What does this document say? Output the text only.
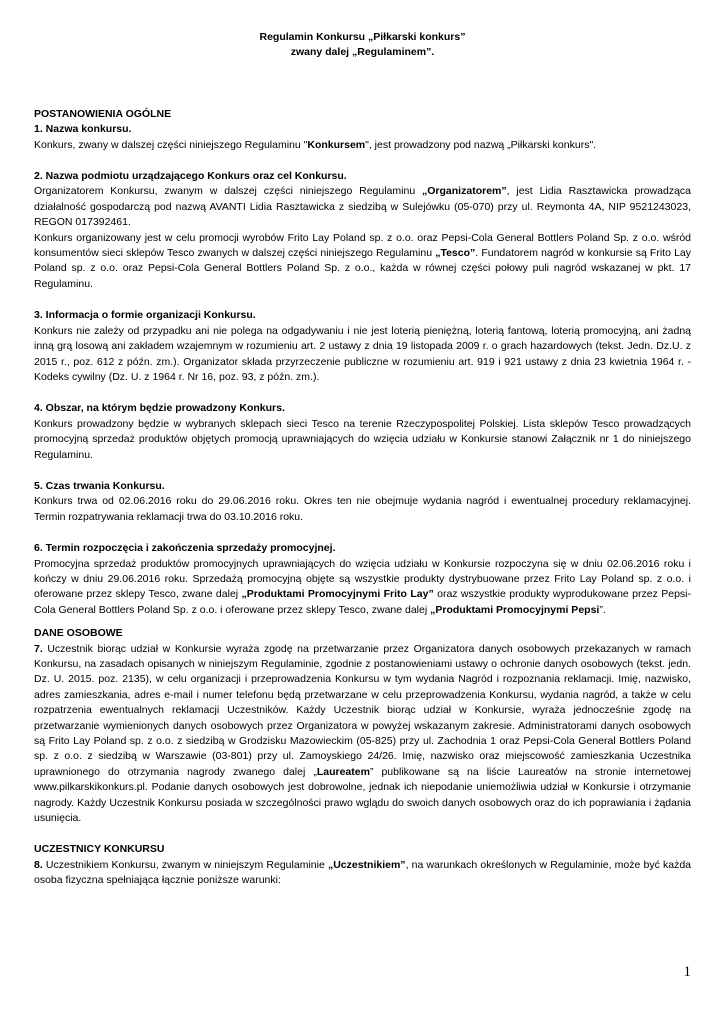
Regulamin Konkursu „Piłkarski konkurs”

zwany dalej „Regulaminem”.

POSTANOWIENIA OGÓLNE
1. Nazwa konkursu.

Konkurs, zwany w dalszej części niniejszego Regulaminu "Konkursem", jest prowadzony pod nazwą „Piłkarski konkurs".

2. Nazwa podmiotu urządzającego Konkurs oraz cel Konkursu.

Organizatorem Konkursu, zwanym w dalszej części niniejszego Regulaminu „Organizatorem”, jest Lidia Rasztawicka prowadząca działalność gospodarczą pod nazwą AVANTI Lidia Rasztawicka z siedzibą w Sulejówku (05-070) przy ul. Reymonta 4A, NIP 9521243023, REGON 017392461.

Konkurs organizowany jest w celu promocji wyrobów Frito Lay Poland sp. z o.o. oraz Pepsi-Cola General Bottlers Poland Sp. z o.o. wśród konsumentów sieci sklepów Tesco zwanych w dalszej części niniejszego Regulaminu „Tesco”. Fundatorem nagród w konkursie są Frito Lay Poland sp. z o.o. oraz Pepsi-Cola General Bottlers Poland Sp. z o.o., każda w równej części połowy puli nagród wskazanej w pkt. 17 Regulaminu.

3. Informacja o formie organizacji Konkursu.

Konkurs nie zależy od przypadku ani nie polega na odgadywaniu i nie jest loterią pieniężną, loterią fantową, loterią promocyjną, ani żadną inną grą losową ani zakładem wzajemnym w rozumieniu art. 2 ustawy z dnia 19 listopada 2009 r. o grach hazardowych (tekst. Jedn. Dz.U. z 2015 r., poz. 612 z późn. zm.). Organizator składa przyrzeczenie publiczne w rozumieniu art. 919 i 921 ustawy z dnia 23 kwietnia 1964 r. - Kodeks cywilny (Dz. U. z 1964 r. Nr 16, poz. 93, z późn. zm.).

4. Obszar, na którym będzie prowadzony Konkurs.

Konkurs prowadzony będzie w wybranych sklepach sieci Tesco na terenie Rzeczypospolitej Polskiej. Lista sklepów Tesco prowadzących promocyjną sprzedaż produktów objętych promocją uprawniających do wzięcia udziału w Konkursie stanowi Załącznik nr 1 do niniejszego Regulaminu.

5. Czas trwania Konkursu.

Konkurs trwa od 02.06.2016 roku do 29.06.2016 roku. Okres ten nie obejmuje wydania nagród i ewentualnej procedury reklamacyjnej. Termin rozpatrywania reklamacji trwa do 03.10.2016 roku.

6. Termin rozpoczęcia i zakończenia sprzedaży promocyjnej.

Promocyjna sprzedaż produktów promocyjnych uprawniających do wzięcia udziału w Konkursie rozpoczyna się w dniu 02.06.2016 roku i kończy w dniu 29.06.2016 roku. Sprzedażą promocyjną objęte są wszystkie produkty dystrybuowane przez Frito Lay Poland sp. z o.o. i oferowane przez sklepy Tesco, zwane dalej „Produktami Promocyjnymi Frito Lay” oraz wszystkie produkty wyprodukowane przez Pepsi-Cola General Bottlers Poland Sp. z o.o. i oferowane przez sklepy Tesco, zwane dalej „Produktami Promocyjnymi Pepsi”.

DANE OSOBOWE

7. Uczestnik biorąc udział w Konkursie wyraża zgodę na przetwarzanie przez Organizatora danych osobowych przekazanych w ramach Konkursu, na zasadach opisanych w niniejszym Regulaminie, zgodnie z postanowieniami ustawy o ochronie danych osobowych (tekst. jedn. Dz. U. 2015. poz. 2135), w celu organizacji i przeprowadzenia Konkursu w tym wydania Nagród i rozpoznania reklamacji. Imię, nazwisko, adres zamieszkania, adres e-mail i numer telefonu będą przetwarzane w celu przeprowadzenia Konkursu, wydania nagród, a także w celu rozpatrzenia ewentualnych reklamacji Uczestników. Każdy Uczestnik biorąc udział w Konkursie, wyraża jednocześnie zgodę na przetwarzanie wymienionych danych osobowych przez Organizatora w powyżej wskazanym zakresie. Administratorami danych osobowych są Frito Lay Poland sp. z o.o. z siedzibą w Grodzisku Mazowieckim (05-825) przy ul. Zachodnia 1 oraz Pepsi-Cola General Bottlers Poland sp. z o.o. z siedzibą w Warszawie (03-801) przy ul. Zamoyskiego 24/26. Imię, nazwisko oraz miejscowość zamieszkania Uczestnika uprawnionego do otrzymania nagrody zwanego dalej „Laureatem” publikowane są na liście Laureatów na stronie internetowej www.pilkarskikonkurs.pl. Podanie danych osobowych jest dobrowolne, jednak ich niepodanie uniemożliwia udział w Konkursie i otrzymanie nagrody. Każdy Uczestnik Konkursu posiada w szczególności prawo wglądu do swoich danych osobowych oraz do ich poprawiania i żądania usunięcia.

UCZESTNICY KONKURSU

8. Uczestnikiem Konkursu, zwanym w niniejszym Regulaminie „Uczestnikiem”, na warunkach określonych w Regulaminie, może być każda osoba fizyczna spełniająca łącznie poniższe warunki:

1
